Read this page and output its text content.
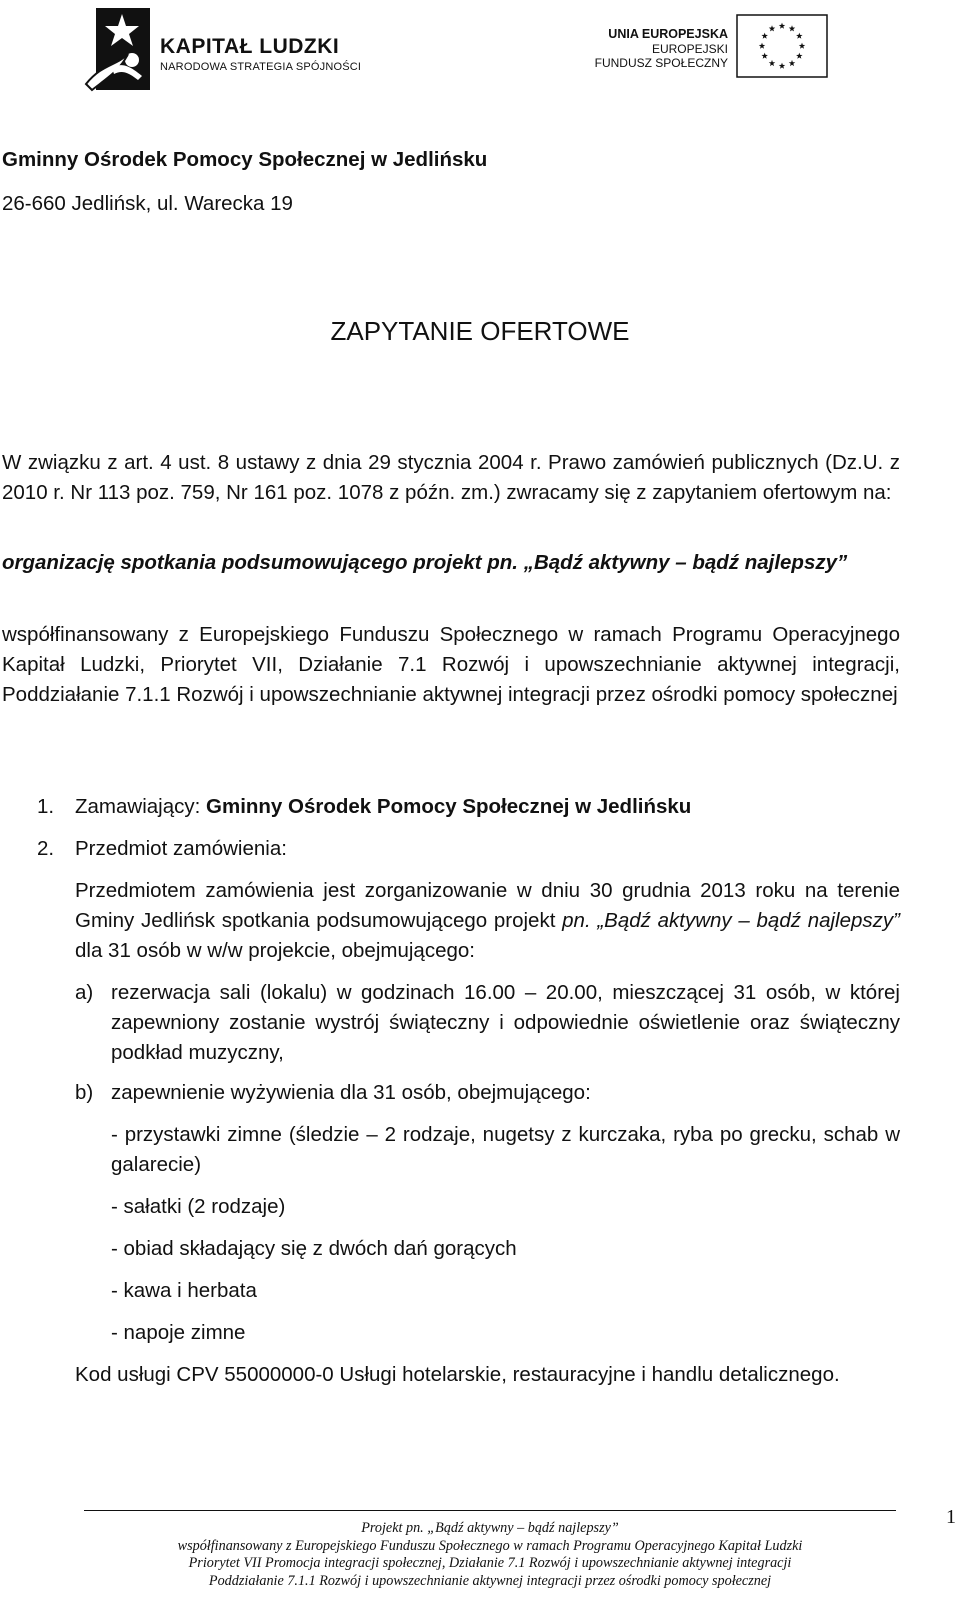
KAPITAŁ LUDZKI
NARODOWA STRATEGIA SPÓJNOŚCI
UNIA EUROPEJSKA
EUROPEJSKI
FUNDUSZ SPOŁECZNY

Gminny Ośrodek Pomocy Społecznej w Jedlińsku

26-660 Jedlińsk, ul. Warecka 19

ZAPYTANIE OFERTOWE

W związku z art. 4 ust. 8 ustawy z dnia 29 stycznia 2004 r. Prawo zamówień publicznych (Dz.U. z 2010 r. Nr 113 poz. 759, Nr 161 poz. 1078 z późn. zm.) zwracamy się z zapytaniem ofertowym na:

organizację spotkania podsumowującego projekt pn. „Bądź aktywny – bądź najlepszy”

współfinansowany z Europejskiego Funduszu Społecznego w ramach Programu Operacyjnego Kapitał Ludzki, Priorytet VII, Działanie 7.1 Rozwój i upowszechnianie aktywnej integracji, Poddziałanie 7.1.1 Rozwój i upowszechnianie aktywnej integracji przez ośrodki pomocy społecznej

1. Zamawiający: Gminny Ośrodek Pomocy Społecznej w Jedlińsku

2. Przedmiot zamówienia:

Przedmiotem zamówienia jest zorganizowanie w dniu 30 grudnia 2013 roku na terenie Gminy Jedlińsk spotkania podsumowującego projekt pn. „Bądź aktywny – bądź najlepszy” dla 31 osób w w/w projekcie, obejmującego:

a) rezerwacja sali (lokalu) w godzinach 16.00 – 20.00, mieszczącej 31 osób, w której zapewniony zostanie wystrój świąteczny i odpowiednie oświetlenie oraz świąteczny podkład muzyczny,

b) zapewnienie wyżywienia dla 31 osób, obejmującego:

- przystawki zimne (śledzie – 2 rodzaje, nugetsy z kurczaka, ryba po grecku, schab w galarecie)

- sałatki (2 rodzaje)

- obiad składający się z dwóch dań gorących

- kawa i herbata

- napoje zimne

Kod usługi CPV 55000000-0 Usługi hotelarskie, restauracyjne i handlu detalicznego.

Projekt pn. „Bądź aktywny – bądź najlepszy”
współfinansowany z Europejskiego Funduszu Społecznego w ramach Programu Operacyjnego Kapitał Ludzki
Priorytet VII Promocja integracji społecznej, Działanie 7.1 Rozwój i upowszechnianie aktywnej integracji
Poddziałanie 7.1.1 Rozwój i upowszechnianie aktywnej integracji przez ośrodki pomocy społecznej
1
